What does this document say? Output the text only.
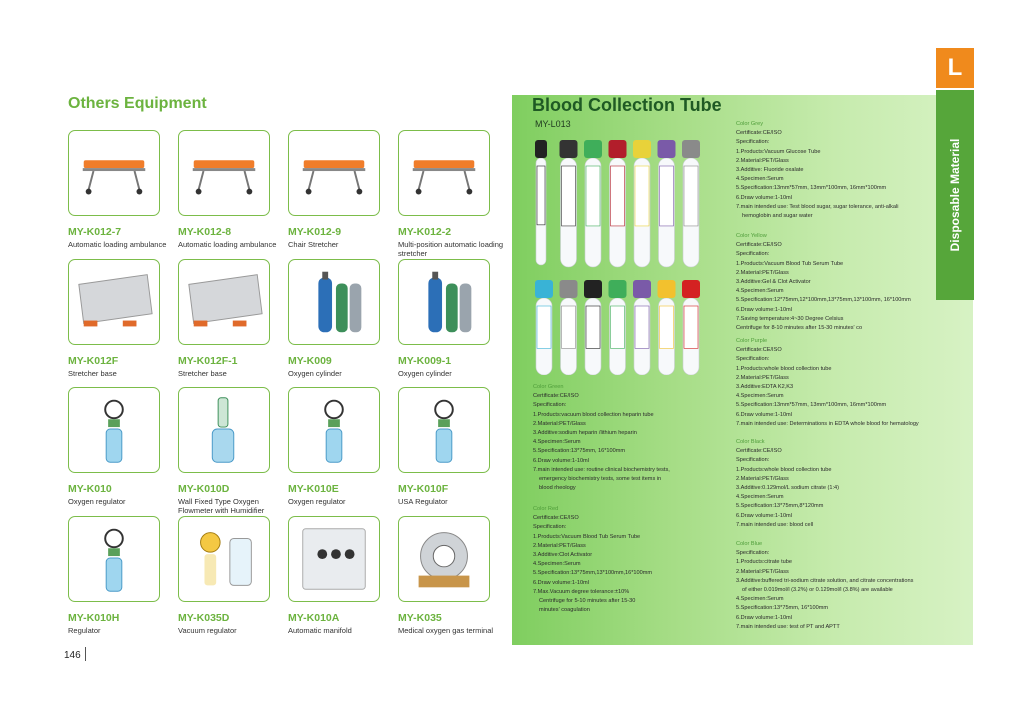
Others Equipment
MY-K012-7
Automatic loading ambulance
MY-K012-8
Automatic loading ambulance
MY-K012-9
Chair Stretcher
MY-K012-2
Multi-position automatic loading stretcher
MY-K012F
Stretcher base
MY-K012F-1
Stretcher base
MY-K009
Oxygen cylinder
MY-K009-1
Oxygen cylinder
MY-K010
Oxygen regulator
MY-K010D
Wall Fixed Type Oxygen Flowmeter with Humidifier
MY-K010E
Oxygen regulator
MY-K010F
USA Regulator
MY-K010H
Regulator
MY-K035D
Vacuum regulator
MY-K010A
Automatic manifold
MY-K035
Medical oxygen gas terminal
146
Blood Collection Tube
MY-L013
L
Disposable Material
Color Green
Certificate:CE/ISO
Specification:
1.Products:vacuum blood collection heparin tube
2.Material:PET/Glass
3.Additive:sodium heparin /lithium heparin
4.Specimen:Serum
5.Specification:13*75mm, 16*100mm
6.Draw volume:1-10ml
7.main intended use: routine clinical biochemistry tests,
emergency biochemistry tests, some test items in
blood rheology
Color Red
Certificate:CE/ISO
Specification:
1.Products:Vacuum Blood Tub Serum Tube
2.Material:PET/Glass
3.Additive:Clot Activator
4.Specimen:Serum
5.Specification:13*75mm,13*100mm,16*100mm
6.Draw volume:1-10ml
7.Max.Vacuum degree tolerance:±10%
Centrifuge for 5-10 minutes after 15-30
minutes' coagulation
Color Grey
Certificate:CE/ISO
Specification:
1.Products:Vacuum Glucose Tube
2.Material:PET/Glass
3.Additive: Fluoride oxalate
4.Specimen:Serum
5.Specification:13mm*57mm, 13mm*100mm, 16mm*100mm
6.Draw volume:1-10ml
7.main intended use: Test blood sugar, sugar tolerance, anti-alkali
hemoglobin and sugar water
Color Yellow
Certificate:CE/ISO
Specification:
1.Products:Vacuum Blood Tub Serum Tube
2.Material:PET/Glass
3.Additive:Gel & Clot Activator
4.Specimen:Serum
5.Specification:12*75mm,12*100mm,13*75mm,13*100mm, 16*100mm
6.Draw volume:1-10ml
7.Saving temperature:4~30 Degree Celsius
Centrifuge for 8-10 minutes after 15-30 minutes' co
Color Purple
Certificate:CE/ISO
Specification:
1.Products:whole blood collection tube
2.Material:PET/Glass
3.Additive:EDTA K2,K3
4.Specimen:Serum
5.Specification:13mm*57mm, 13mm*100mm, 16mm*100mm
6.Draw volume:1-10ml
7.main intended use: Determinations in EDTA whole blood for hematology
Color Black
Certificate:CE/ISO
Specification:
1.Products:whole blood collection tube
2.Material:PET/Glass
3.Additive:0.129mol/L sodium citrate (1:4)
4.Specimen:Serum
5.Specification:13*75mm,8*120mm
6.Draw volume:1-10ml
7.main intended use: blood cell
Color Blue
Specification:
1.Products:citrate tube
2.Material:PET/Glass
3.Additive:buffered tri-sodium citrate solution, and citrate concentrations
of either 0.019mol/l (3.2%) or 0.129mol/l (3.8%) are available
4.Specimen:Serum
5.Specification:13*75mm, 16*100mm
6.Draw volume:1-10ml
7.main intended use: test of PT and APTT
